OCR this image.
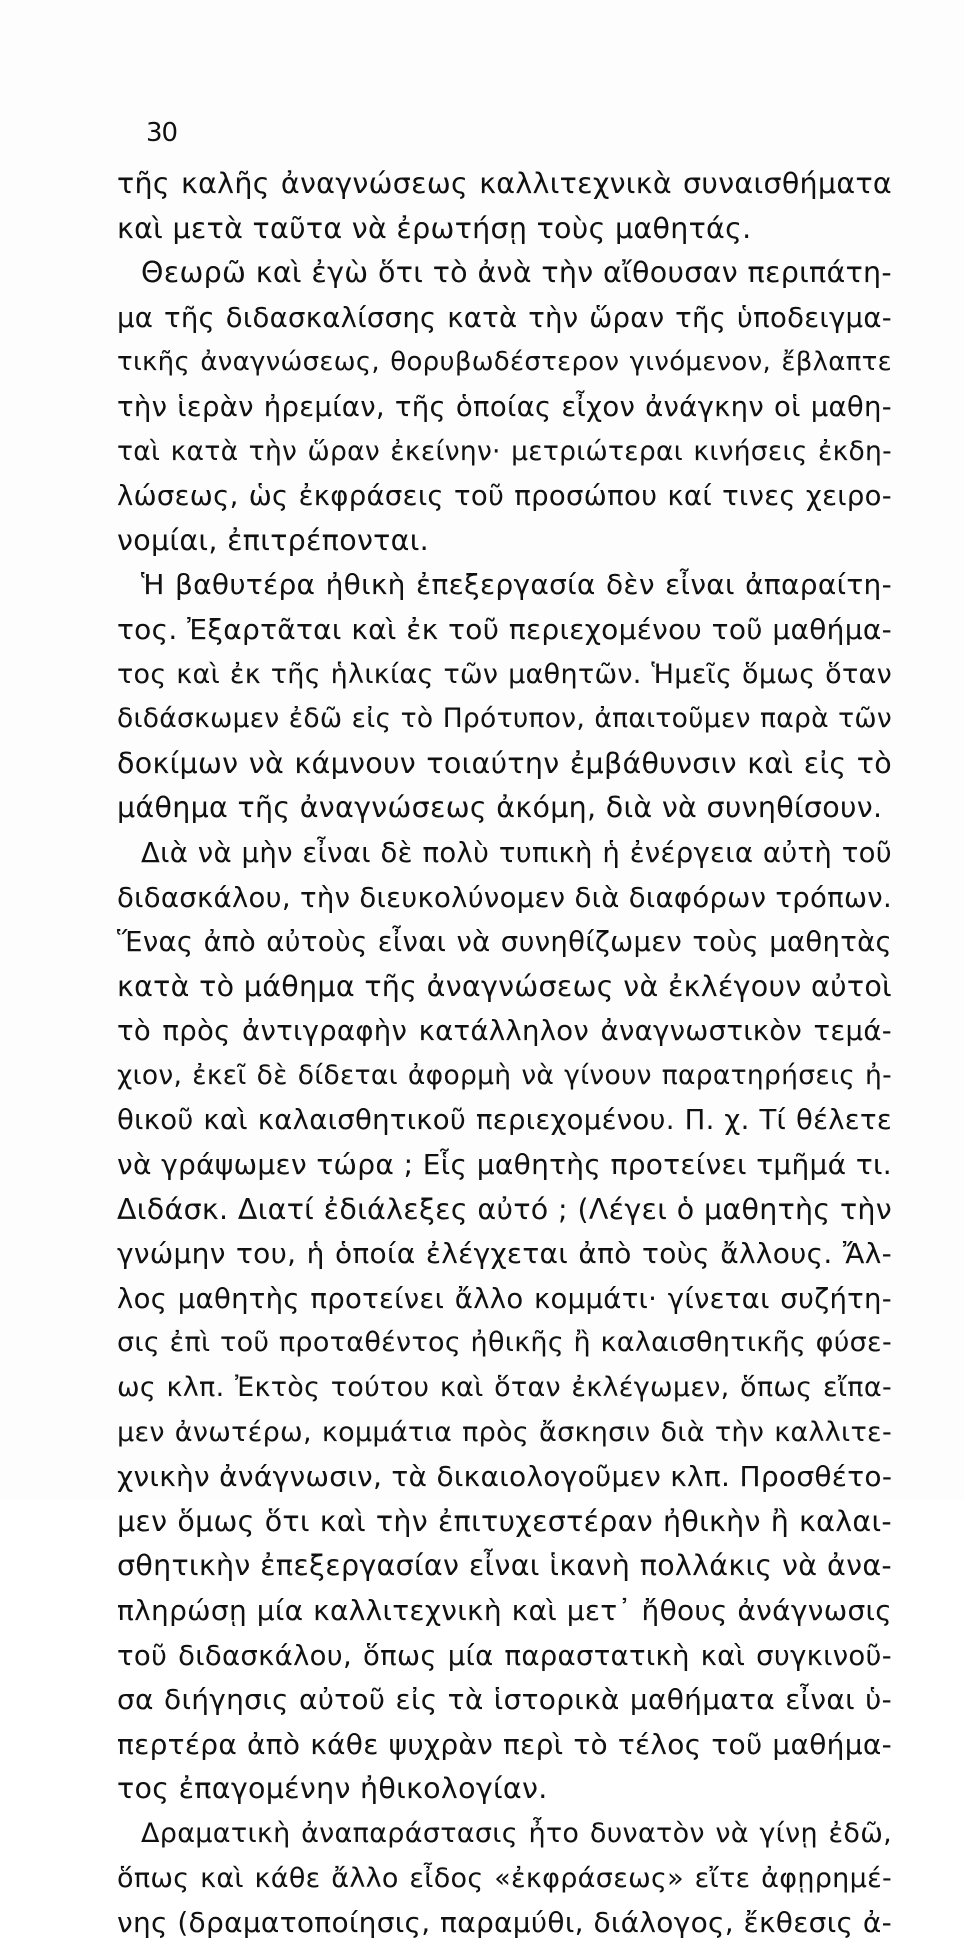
30
τῆς καλῆς ἀναγνώσεως καλλιτεχνικὰ συναισθήματα
καὶ μετὰ ταῦτα νὰ ἐρωτήσῃ τοὺς μαθητάς.
Θεωρῶ καὶ ἐγὼ ὅτι τὸ ἀνὰ τὴν αἴθουσαν περιπάτη-
μα τῆς διδασκαλίσσης κατὰ τὴν ὥραν τῆς ὑποδειγμα-
τικῆς ἀναγνώσεως, θορυβωδέστερον γινόμενον, ἔβλαπτε
τὴν ἱερὰν ἠρεμίαν, τῆς ὁποίας εἶχον ἀνάγκην οἱ μαθη-
ταὶ κατὰ τὴν ὥραν ἐκείνην· μετριώτεραι κινήσεις ἐκδη-
λώσεως, ὡς ἐκφράσεις τοῦ προσώπου καί τινες χειρο-
νομίαι, ἐπιτρέπονται.
Ἡ βαθυτέρα ἠθικὴ ἐπεξεργασία δὲν εἶναι ἀπαραίτη-
τος. Ἐξαρτᾶται καὶ ἐκ τοῦ περιεχομένου τοῦ μαθήμα-
τος καὶ ἐκ τῆς ἡλικίας τῶν μαθητῶν. Ἡμεῖς ὅμως ὅταν
διδάσκωμεν ἐδῶ εἰς τὸ Πρότυπον, ἀπαιτοῦμεν παρὰ τῶν
δοκίμων νὰ κάμνουν τοιαύτην ἐμβάθυνσιν καὶ εἰς τὸ
μάθημα τῆς ἀναγνώσεως ἀκόμη, διὰ νὰ συνηθίσουν.
Διὰ νὰ μὴν εἶναι δὲ πολὺ τυπικὴ ἡ ἐνέργεια αὐτὴ τοῦ
διδασκάλου, τὴν διευκολύνομεν διὰ διαφόρων τρόπων.
Ἕνας ἀπὸ αὐτοὺς εἶναι νὰ συνηθίζωμεν τοὺς μαθητὰς
κατὰ τὸ μάθημα τῆς ἀναγνώσεως νὰ ἐκλέγουν αὐτοὶ
τὸ πρὸς ἀντιγραφὴν κατάλληλον ἀναγνωστικὸν τεμά-
χιον, ἐκεῖ δὲ δίδεται ἀφορμὴ νὰ γίνουν παρατηρήσεις ἠ-
θικοῦ καὶ καλαισθητικοῦ περιεχομένου. Π. χ. Τί θέλετε
νὰ γράψωμεν τώρα ; Εἷς μαθητὴς προτείνει τμῆμά τι.
Διδάσκ. Διατί ἐδιάλεξες αὐτό ; (Λέγει ὁ μαθητὴς τὴν
γνώμην του, ἡ ὁποία ἐλέγχεται ἀπὸ τοὺς ἄλλους. Ἄλ-
λος μαθητὴς προτείνει ἄλλο κομμάτι· γίνεται συζήτη-
σις ἐπὶ τοῦ προταθέντος ἠθικῆς ἢ καλαισθητικῆς φύσε-
ως κλπ. Ἐκτὸς τούτου καὶ ὅταν ἐκλέγωμεν, ὅπως εἴπα-
μεν ἀνωτέρω, κομμάτια πρὸς ἄσκησιν διὰ τὴν καλλιτε-
χνικὴν ἀνάγνωσιν, τὰ δικαιολογοῦμεν κλπ. Προσθέτο-
μεν ὅμως ὅτι καὶ τὴν ἐπιτυχεστέραν ἠθικὴν ἢ καλαι-
σθητικὴν ἐπεξεργασίαν εἶναι ἱκανὴ πολλάκις νὰ ἀνα-
πληρώσῃ μία καλλιτεχνικὴ καὶ μετ᾿ ἤθους ἀνάγνωσις
τοῦ διδασκάλου, ὅπως μία παραστατικὴ καὶ συγκινοῦ-
σα διήγησις αὐτοῦ εἰς τὰ ἱστορικὰ μαθήματα εἶναι ὑ-
περτέρα ἀπὸ κάθε ψυχρὰν περὶ τὸ τέλος τοῦ μαθήμα-
τος ἐπαγομένην ἠθικολογίαν.
Δραματικὴ ἀναπαράστασις ἦτο δυνατὸν νὰ γίνῃ ἐδῶ,
ὅπως καὶ κάθε ἄλλο εἶδος «ἐκφράσεως» εἴτε ἀφῃρημέ-
νης (δραματοποίησις, παραμύθι, διάλογος, ἔκθεσις ἀ-
